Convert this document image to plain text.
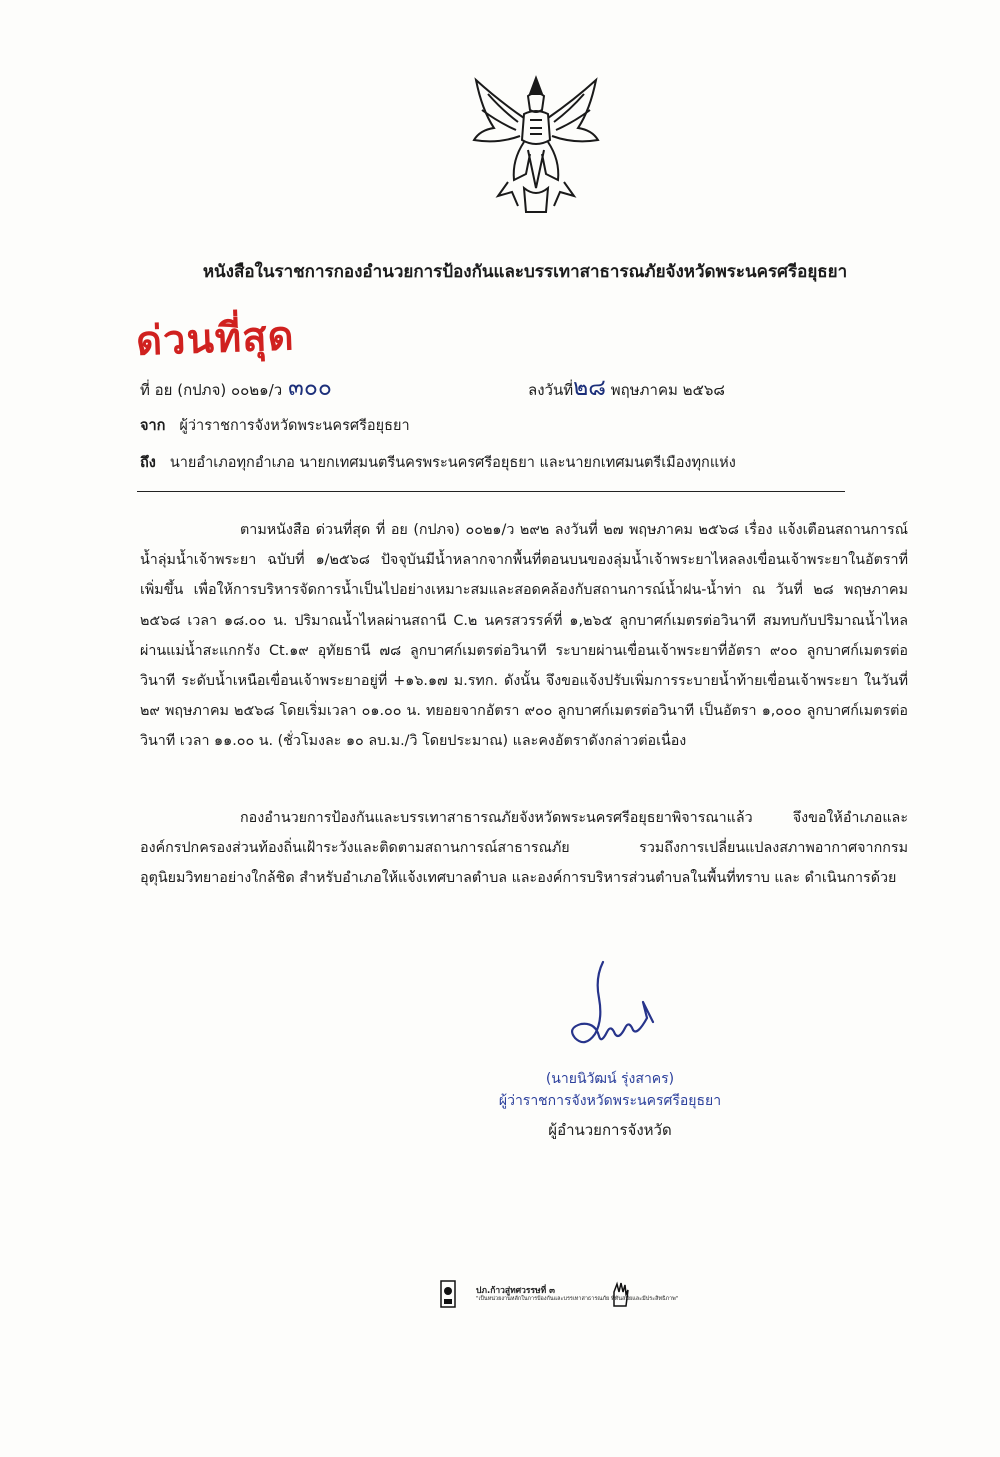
หนังสือในราชการกองอำนวยการป้องกันและบรรเทาสาธารณภัยจังหวัดพระนครศรีอยุธยา
ด่วนที่สุด
ที่ อย (กปภจ) ๐๐๒๑/ว ๓๐๐	ลงวันที่๒๘ พฤษภาคม ๒๕๖๘
จาก ผู้ว่าราชการจังหวัดพระนครศรีอยุธยา
ถึง นายอำเภอทุกอำเภอ นายกเทศมนตรีนครพระนครศรีอยุธยา และนายกเทศมนตรีเมืองทุกแห่ง
ตามหนังสือ ด่วนที่สุด ที่ อย (กปภจ) ๐๐๒๑/ว ๒๙๒ ลงวันที่ ๒๗ พฤษภาคม ๒๕๖๘ เรื่อง แจ้งเตือนสถานการณ์น้ำลุ่มน้ำเจ้าพระยา ฉบับที่ ๑/๒๕๖๘ ปัจจุบันมีน้ำหลากจากพื้นที่ตอนบนของลุ่มน้ำเจ้าพระยาไหลลงเขื่อนเจ้าพระยาในอัตราที่เพิ่มขึ้น เพื่อให้การบริหารจัดการน้ำเป็นไปอย่างเหมาะสมและสอดคล้องกับสถานการณ์น้ำฝน-น้ำท่า ณ วันที่ ๒๘ พฤษภาคม ๒๕๖๘ เวลา ๑๘.๐๐ น. ปริมาณน้ำไหลผ่านสถานี C.๒ นครสวรรค์ที่ ๑,๒๖๕ ลูกบาศก์เมตรต่อวินาที สมทบกับปริมาณน้ำไหลผ่านแม่น้ำสะแกกรัง Ct.๑๙ อุทัยธานี ๗๘ ลูกบาศก์เมตรต่อวินาที ระบายผ่านเขื่อนเจ้าพระยาที่อัตรา ๙๐๐ ลูกบาศก์เมตรต่อวินาที ระดับน้ำเหนือเขื่อนเจ้าพระยาอยู่ที่ +๑๖.๑๗ ม.รทก. ดังนั้น จึงขอแจ้งปรับเพิ่มการระบายน้ำท้ายเขื่อนเจ้าพระยา ในวันที่ ๒๙ พฤษภาคม ๒๕๖๘ โดยเริ่มเวลา ๐๑.๐๐ น. ทยอยจากอัตรา ๙๐๐ ลูกบาศก์เมตรต่อวินาที เป็นอัตรา ๑,๐๐๐ ลูกบาศก์เมตรต่อวินาที เวลา ๑๑.๐๐ น. (ชั่วโมงละ ๑๐ ลบ.ม./วิ โดยประมาณ) และคงอัตราดังกล่าวต่อเนื่อง
กองอำนวยการป้องกันและบรรเทาสาธารณภัยจังหวัดพระนครศรีอยุธยาพิจารณาแล้ว จึงขอให้อำเภอและองค์กรปกครองส่วนท้องถิ่นเฝ้าระวังและติดตามสถานการณ์สาธารณภัย รวมถึงการเปลี่ยนแปลงสภาพอากาศจากกรมอุตุนิยมวิทยาอย่างใกล้ชิด สำหรับอำเภอให้แจ้งเทศบาลตำบล และองค์การบริหารส่วนตำบลในพื้นที่ทราบ และ ดำเนินการด้วย
(นายนิวัฒน์ รุ่งสาคร)
ผู้ว่าราชการจังหวัดพระนครศรีอยุธยา
ผู้อำนวยการจังหวัด
ปภ.ก้าวสู่ทศวรรษที่ ๓
"เป็นหน่วยงานหลักในการป้องกันและบรรเทาสาธารณภัย ที่ทันสมัยและมีประสิทธิภาพ"
